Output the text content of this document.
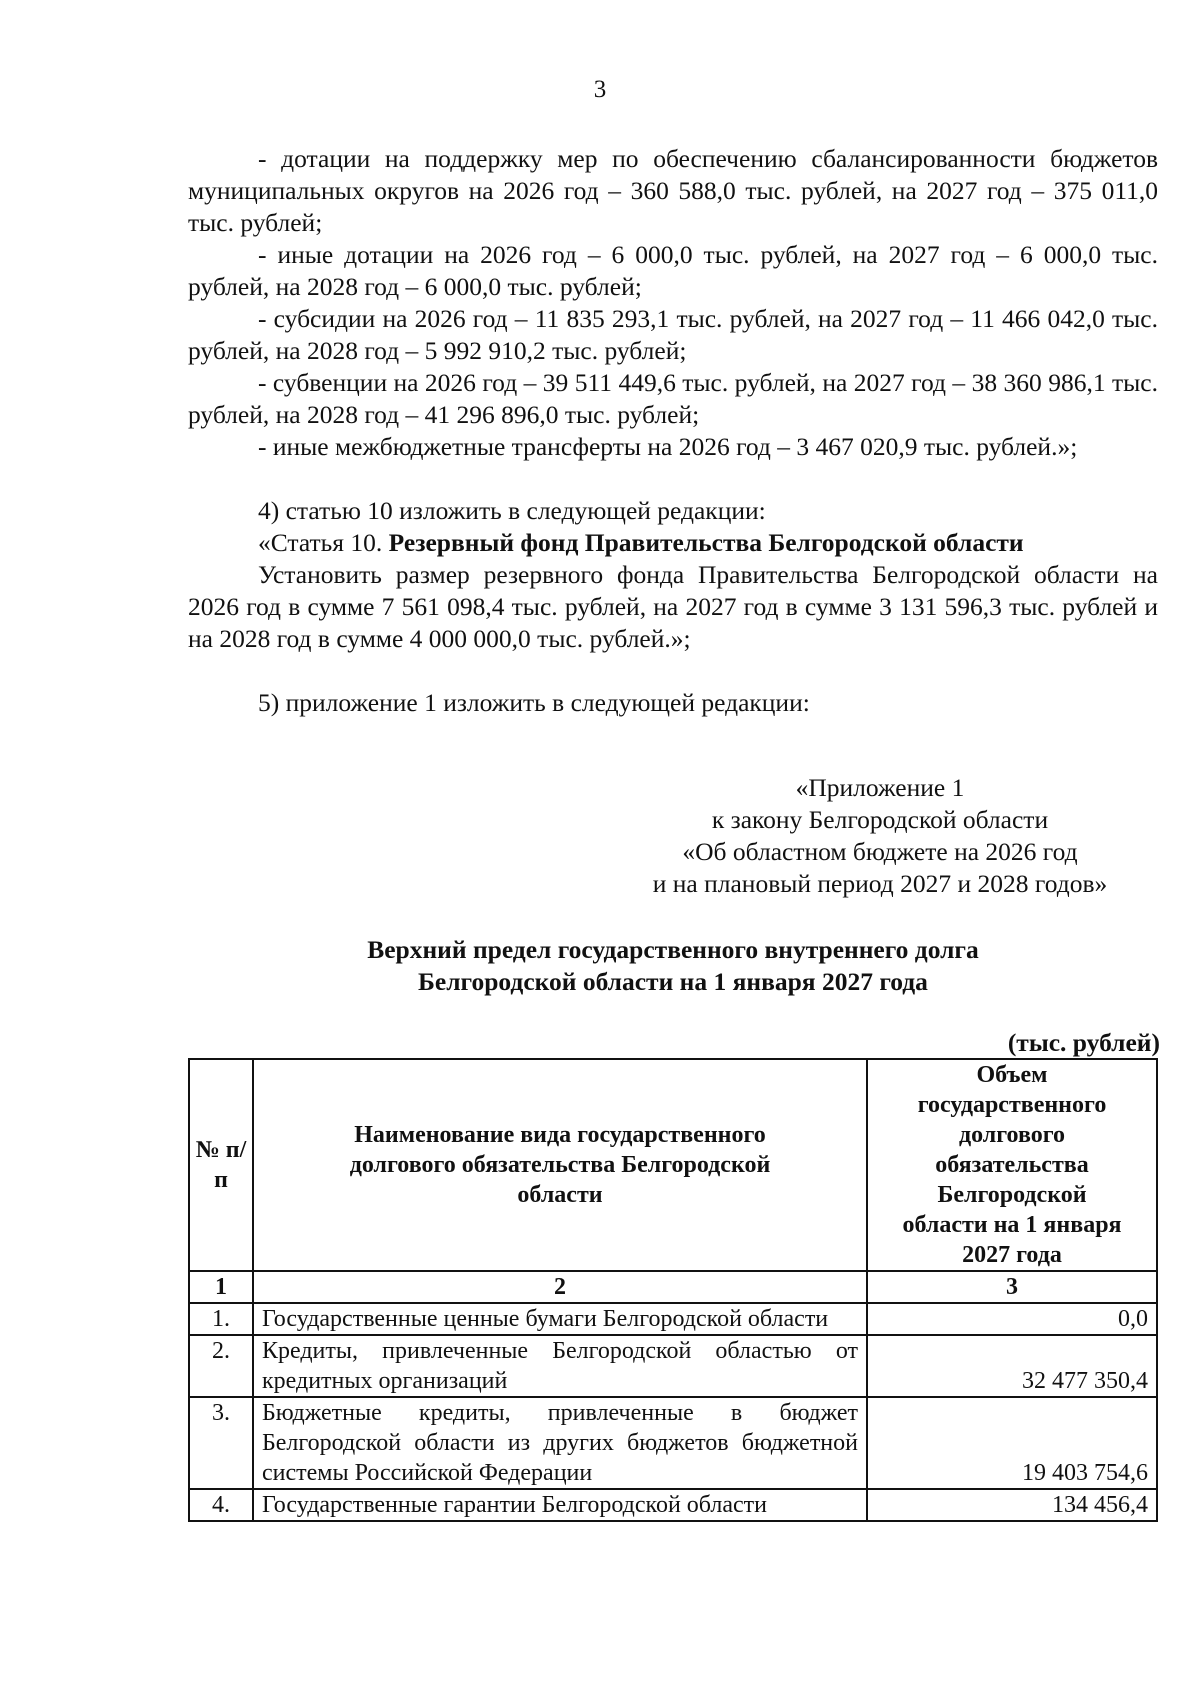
3

- дотации на поддержку мер по обеспечению сбалансированности бюджетов муниципальных округов на 2026 год – 360 588,0 тыс. рублей, на 2027 год – 375 011,0 тыс. рублей;

- иные дотации на 2026 год – 6 000,0 тыс. рублей, на 2027 год – 6 000,0 тыс. рублей, на 2028 год – 6 000,0 тыс. рублей;

- субсидии на 2026 год – 11 835 293,1 тыс. рублей, на 2027 год – 11 466 042,0 тыс. рублей, на 2028 год – 5 992 910,2 тыс. рублей;

- субвенции на 2026 год – 39 511 449,6 тыс. рублей, на 2027 год – 38 360 986,1 тыс. рублей, на 2028 год – 41 296 896,0 тыс. рублей;

- иные межбюджетные трансферты на 2026 год – 3 467 020,9 тыс. рублей.»;

4) статью 10 изложить в следующей редакции:

«Статья 10. Резервный фонд Правительства Белгородской области

Установить размер резервного фонда Правительства Белгородской области на 2026 год в сумме 7 561 098,4 тыс. рублей, на 2027 год в сумме 3 131 596,3 тыс. рублей и на 2028 год в сумме 4 000 000,0 тыс. рублей.»;

5) приложение 1 изложить в следующей редакции:

«Приложение 1
к закону Белгородской области
«Об областном бюджете на 2026 год
и на плановый период 2027 и 2028 годов»
Верхний предел государственного внутреннего долга
Белгородской области на 1 января 2027 года
(тыс. рублей)
№ п/п	Наименование вида государственного долгового обязательства Белгородской области	Объем государственного долгового обязательства Белгородской области на 1 января 2027 года
1	2	3
1.	Государственные ценные бумаги Белгородской области	0,0
2.	Кредиты, привлеченные Белгородской областью от кредитных организаций	32 477 350,4
3.	Бюджетные кредиты, привлеченные в бюджет Белгородской области из других бюджетов бюджетной системы Российской Федерации	19 403 754,6
4.	Государственные гарантии Белгородской области	134 456,4
